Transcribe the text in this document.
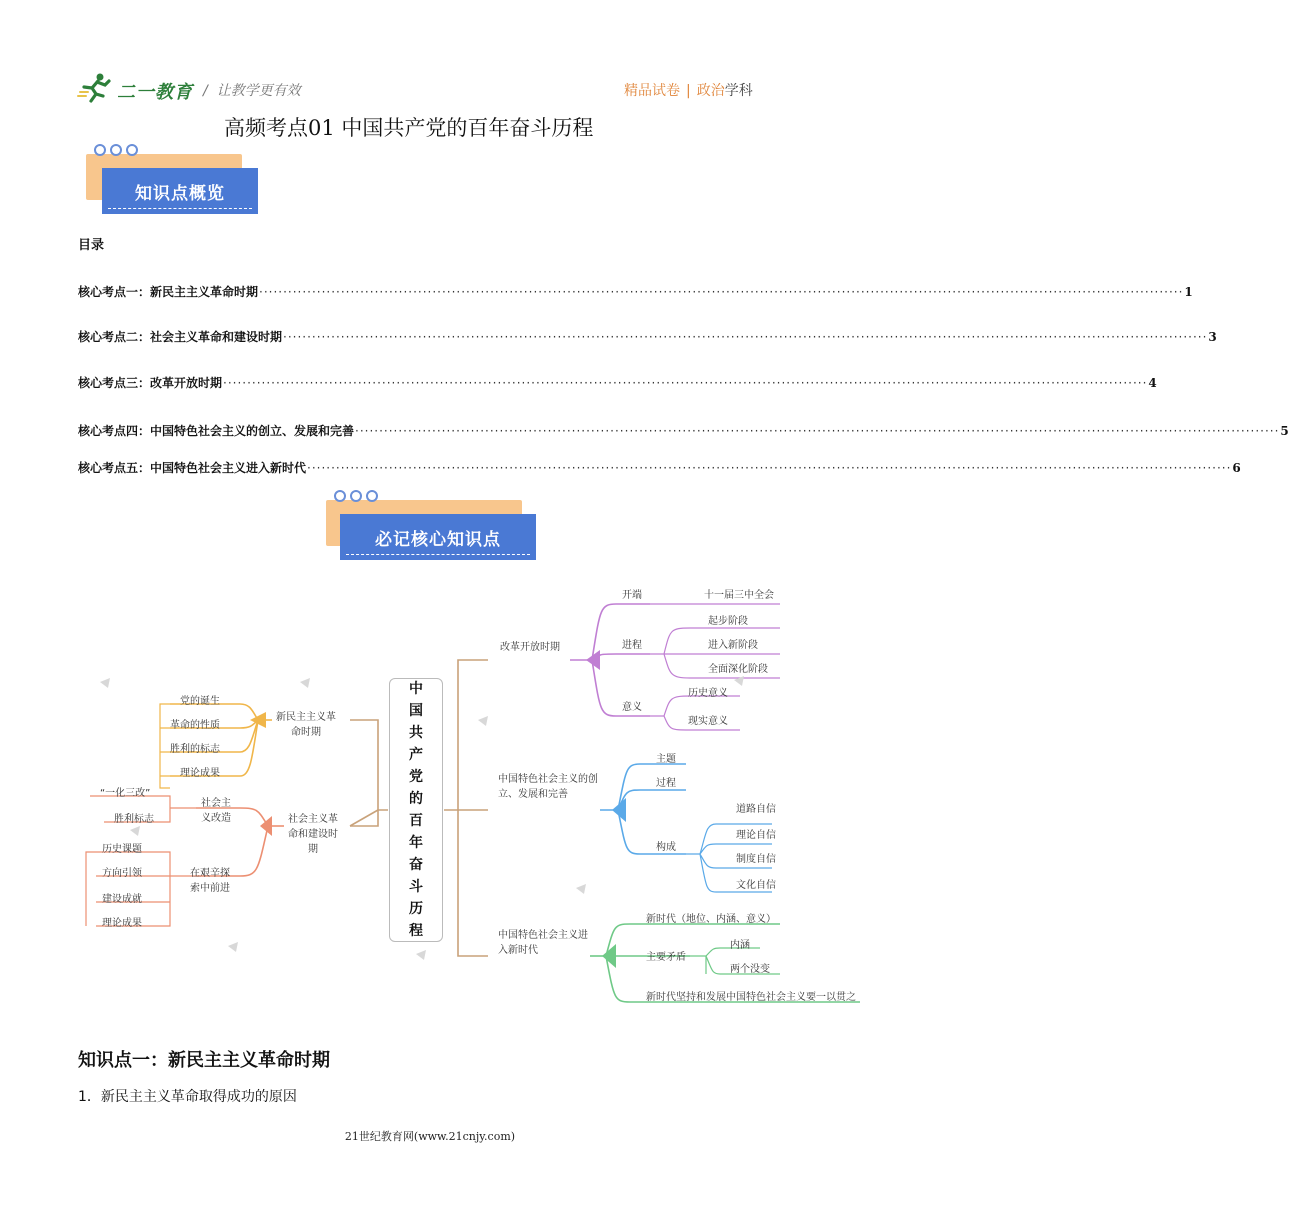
二一教育 /  让教学更有效	精品试卷 | 政治学科
高频考点01 中国共产党的百年奋斗历程
知识点概览
目录
核心考点一：新民主主义革命时期 ································································································································································································ 1
核心考点二：社会主义革命和建设时期 ································································································································································································ 3
核心考点三：改革开放时期 ································································································································································································ 4
核心考点四：中国特色社会主义的创立、发展和完善 ································································································································································································ 5
核心考点五：中国特色社会主义进入新时代 ································································································································································································ 6
必记核心知识点
中
国
共
产
党
的
百
年
奋
斗
历
程
新民主主义革命时期
党的诞生
革命的性质
胜利的标志
理论成果
社会主义革命和建设时期
社会主义改造
“一化三改”
胜利标志
在艰辛探索中前进
历史课题
方向引领
建设成就
理论成果
改革开放时期
开端	十一届三中全会
进程
起步阶段
进入新阶段
全面深化阶段
意义
历史意义
现实意义
中国特色社会主义的创立、发展和完善
主题
过程
构成
道路自信
理论自信
制度自信
文化自信
中国特色社会主义进入新时代
新时代（地位、内涵、意义）
主要矛盾
内涵
两个没变
新时代坚持和发展中国特色社会主义要一以贯之
知识点一：新民主主义革命时期
1．新民主主义革命取得成功的原因
21世纪教育网(www.21cnjy.com)
